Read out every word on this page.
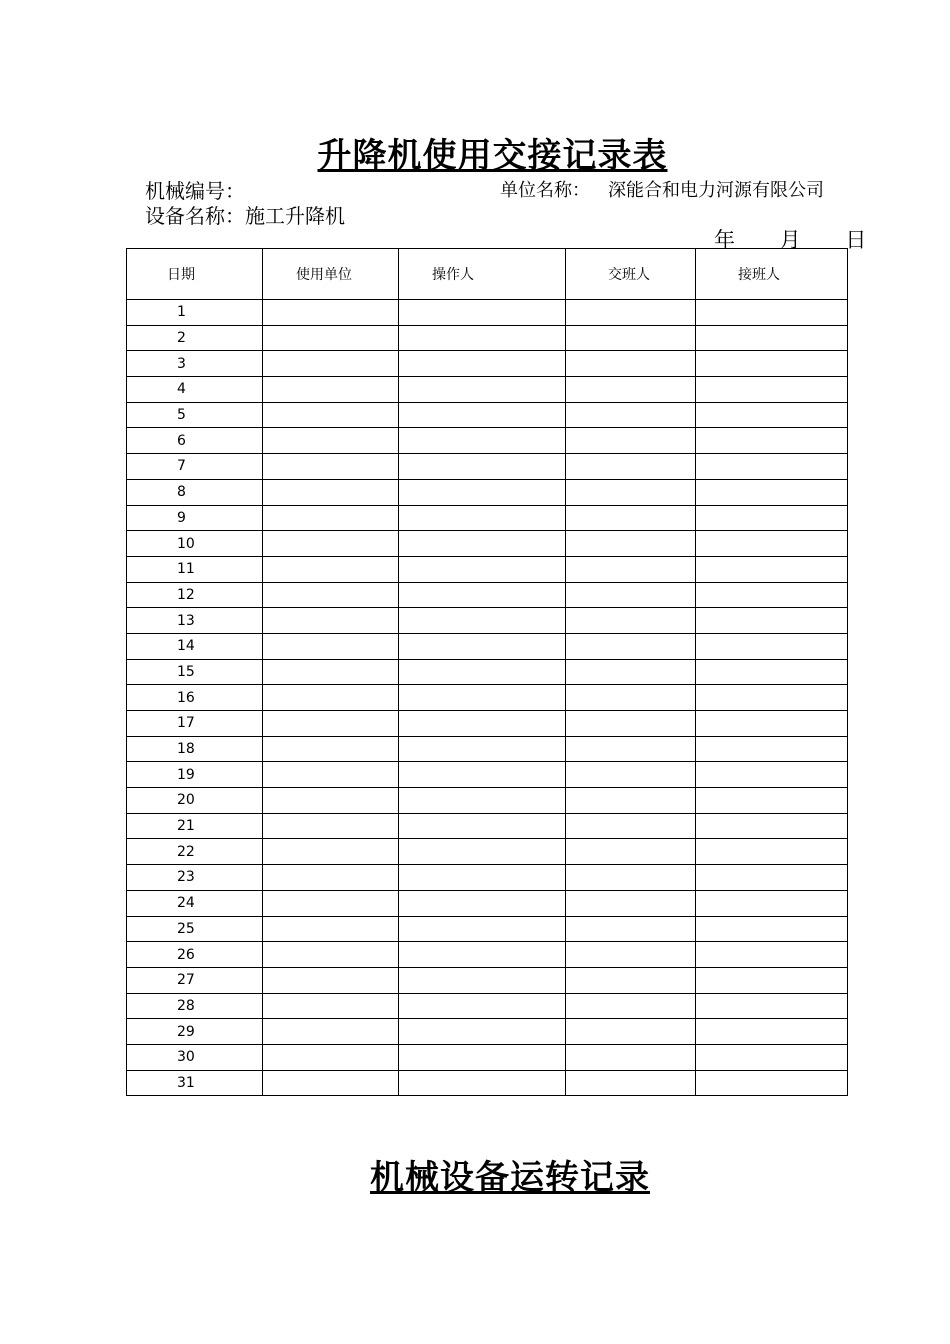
升降机使用交接记录表
机械编号：	单位名称： 深能合和电力河源有限公司
设备名称：施工升降机
年 月 日
日期	使用单位	操作人	交班人	接班人
1				
2				
3				
4				
5				
6				
7				
8				
9				
10				
11				
12				
13				
14				
15				
16				
17				
18				
19				
20				
21				
22				
23				
24				
25				
26				
27				
28				
29				
30				
31				
机械设备运转记录
